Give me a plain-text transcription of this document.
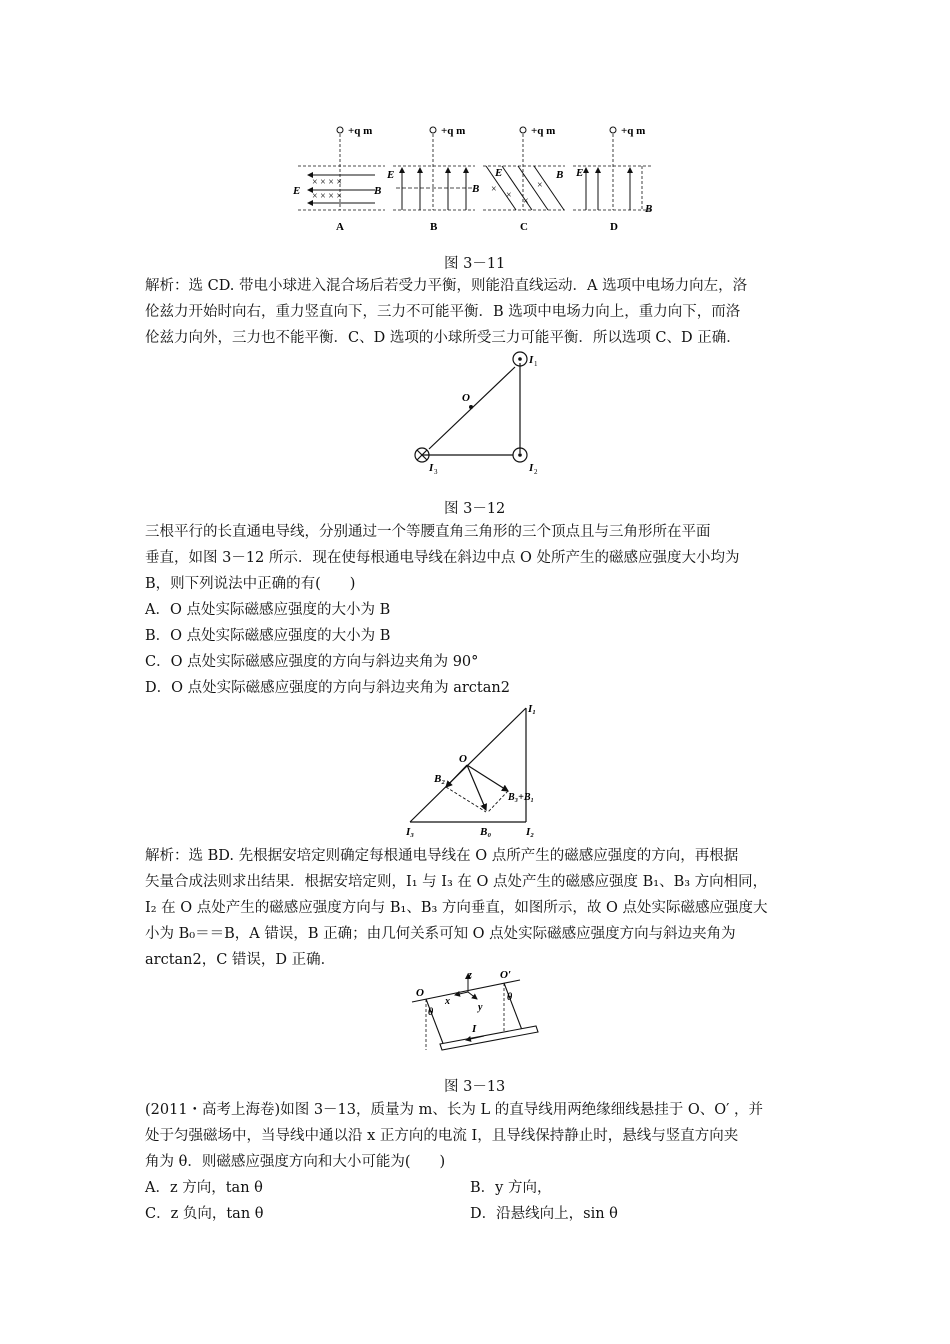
+q m
× × × ×
× × × ×
E	B
A
+q m
E
B
B
+q m
×
×
×
×
E	B
C
+q m
E
B
D
图 3－11
解析：选 CD. 带电小球进入混合场后若受力平衡，则能沿直线运动．A 选项中电场力向左，洛
伦兹力开始时向右，重力竖直向下，三力不可能平衡．B 选项中电场力向上，重力向下，而洛
伦兹力向外，三力也不能平衡．C、D 选项的小球所受三力可能平衡．所以选项 C、D 正确．
O
I 1
I 2
I 3
图 3－12
三根平行的长直通电导线，分别通过一个等腰直角三角形的三个顶点且与三角形所在平面
垂直，如图 3－12 所示．现在使每根通电导线在斜边中点 O 处所产生的磁感应强度大小均为
B，则下列说法中正确的有(　　)
A．O 点处实际磁感应强度的大小为 B
B．O 点处实际磁感应强度的大小为 B
C．O 点处实际磁感应强度的方向与斜边夹角为 90°
D．O 点处实际磁感应强度的方向与斜边夹角为 arctan2
I₁
O
B₂
B₃+B₁
I₃	B₀	I₂
解析：选 BD. 先根据安培定则确定每根通电导线在 O 点所产生的磁感应强度的方向，再根据
矢量合成法则求出结果．根据安培定则，I₁ 与 I₃ 在 O 点处产生的磁感应强度 B₁、B₃ 方向相同，
I₂ 在 O 点处产生的磁感应强度方向与 B₁、B₃ 方向垂直，如图所示，故 O 点处实际磁感应强度大
小为 B₀＝＝B，A 错误，B 正确；由几何关系可知 O 点处实际磁感应强度方向与斜边夹角为
arctan2，C 错误，D 正确．
z
O
O′
x
y
θ
θ
I
图 3－13
(2011・高考上海卷)如图 3－13，质量为 m、长为 L 的直导线用两绝缘细线悬挂于 O、O′ ，并
处于匀强磁场中，当导线中通以沿 x 正方向的电流 I，且导线保持静止时，悬线与竖直方向夹
角为 θ．则磁感应强度方向和大小可能为(　　)
A．z 方向，tan θ	B．y 方向，
C．z 负向，tan θ	D．沿悬线向上，sin θ
